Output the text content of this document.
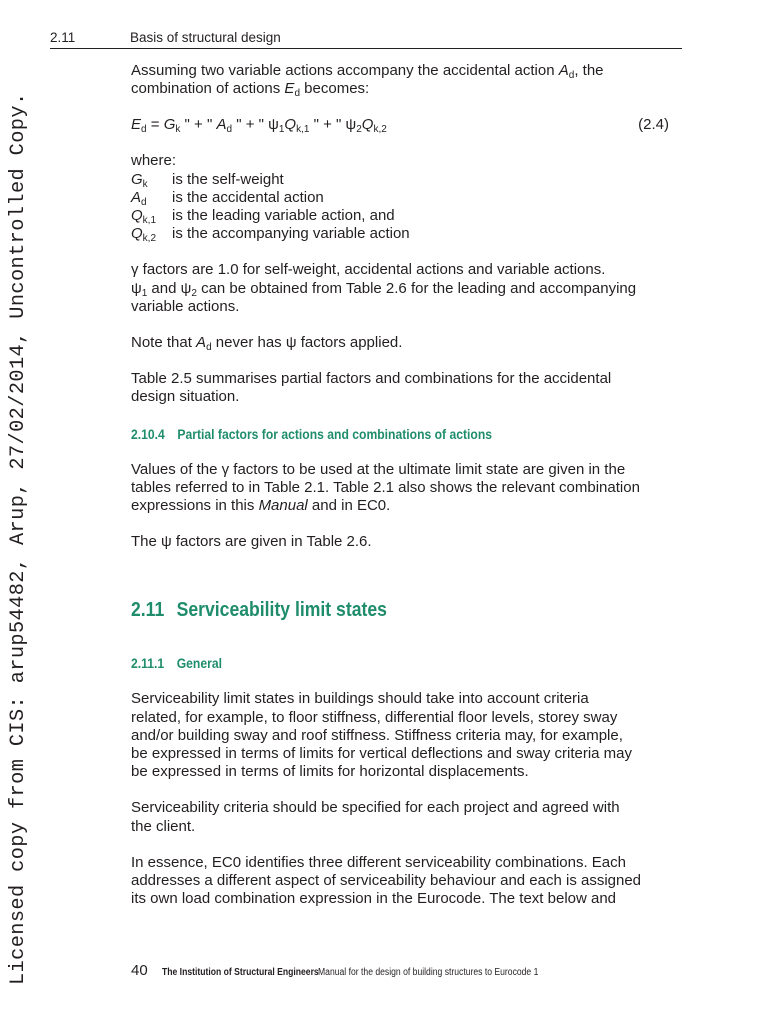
Licensed copy from CIS: arup54482, Arup, 27/02/2014, Uncontrolled Copy.
2.11	Basis of structural design

Assuming two variable actions accompany the accidental action $A_d$, the
combination of actions $E_d$ becomes:

$E_d = G_k$ " + " $A_d$ " + " $\psi_1Q_{k,1}$ " + " $\psi_2Q_{k,2}$	(2.4)

where:

$G_k$	is the self-weight
$A_d$	is the accidental action
$Q_{k,1}$	is the leading variable action, and
$Q_{k,2}$	is the accompanying variable action

γ factors are 1.0 for self-weight, accidental actions and variable actions.
$\psi_1$ and $\psi_2$ can be obtained from Table 2.6 for the leading and accompanying
variable actions.

Note that $A_d$ never has ψ factors applied.

Table 2.5 summarises partial factors and combinations for the accidental
design situation.

2.10.4 Partial factors for actions and combinations of actions

Values of the γ factors to be used at the ultimate limit state are given in the
tables referred to in Table 2.1. Table 2.1 also shows the relevant combination
expressions in this Manual and in EC0.

The ψ factors are given in Table 2.6.

2.11 Serviceability limit states
2.11.1 General

Serviceability limit states in buildings should take into account criteria
related, for example, to floor stiffness, differential floor levels, storey sway
and/or building sway and roof stiffness. Stiffness criteria may, for example,
be expressed in terms of limits for vertical deflections and sway criteria may
be expressed in terms of limits for horizontal displacements.

Serviceability criteria should be specified for each project and agreed with
the client.

In essence, EC0 identifies three different serviceability combinations. Each
addresses a different aspect of serviceability behaviour and each is assigned
its own load combination expression in the Eurocode. The text below and

40 The Institution of Structural EngineersManual for the design of building structures to Eurocode 1
